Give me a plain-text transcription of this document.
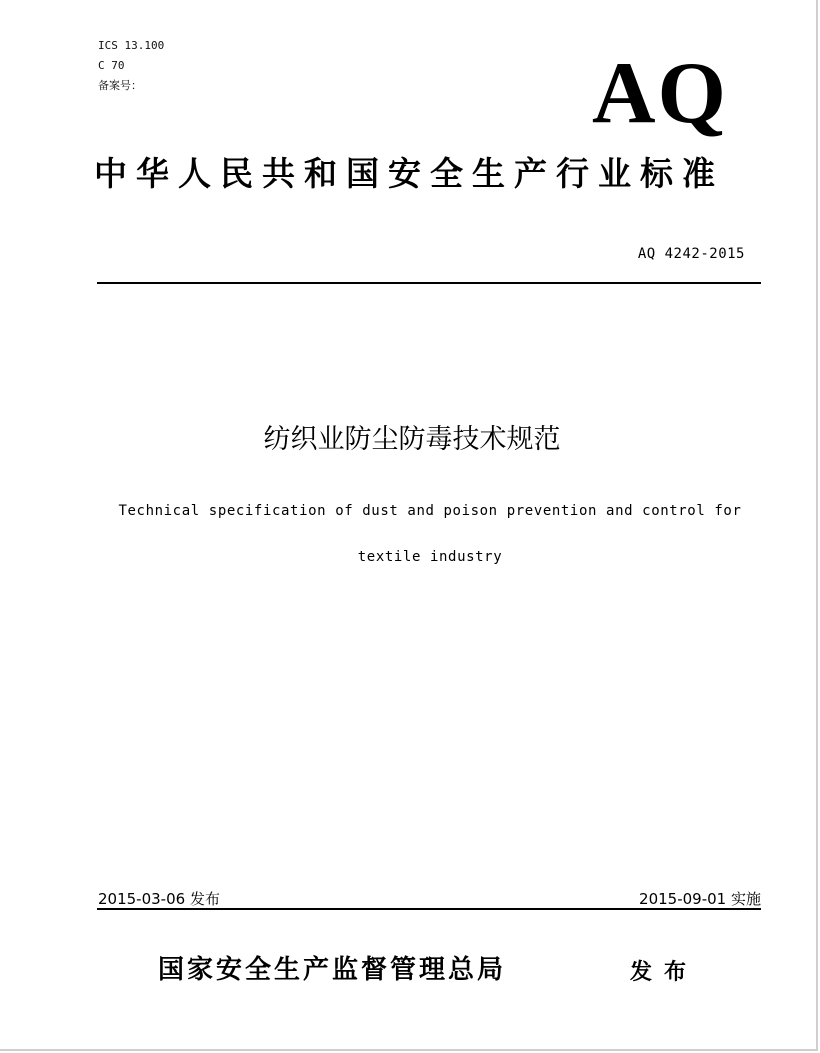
ICS 13.100
C 70
备案号：	AQ
中华人民共和国安全生产行业标准
AQ 4242-2015
纺织业防尘防毒技术规范
Technical specification of dust and poison prevention and control for
textile industry
2015-03-06 发布	2015-09-01 实施
国家安全生产监督管理总局	发布
